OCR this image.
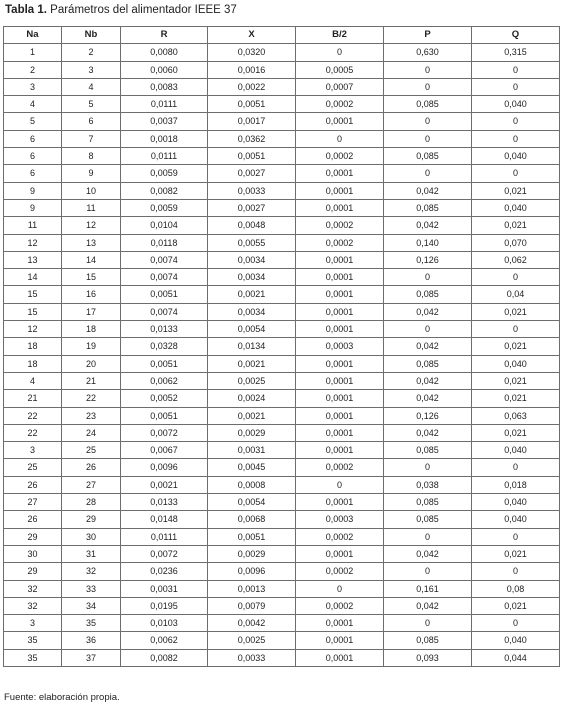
Tabla 1. Parámetros del alimentador IEEE 37
Na	Nb	R	X	B/2	P	Q
1	2	0,0080	0,0320	0	0,630	0,315
2	3	0,0060	0,0016	0,0005	0	0
3	4	0,0083	0,0022	0,0007	0	0
4	5	0,0111	0,0051	0,0002	0,085	0,040
5	6	0,0037	0,0017	0,0001	0	0
6	7	0,0018	0,0362	0	0	0
6	8	0,0111	0,0051	0,0002	0,085	0,040
6	9	0,0059	0,0027	0,0001	0	0
9	10	0,0082	0,0033	0,0001	0,042	0,021
9	11	0,0059	0,0027	0,0001	0,085	0,040
11	12	0,0104	0,0048	0,0002	0,042	0,021
12	13	0,0118	0,0055	0,0002	0,140	0,070
13	14	0,0074	0,0034	0,0001	0,126	0,062
14	15	0,0074	0,0034	0,0001	0	0
15	16	0,0051	0,0021	0,0001	0,085	0,04
15	17	0,0074	0,0034	0,0001	0,042	0,021
12	18	0,0133	0,0054	0,0001	0	0
18	19	0,0328	0,0134	0,0003	0,042	0,021
18	20	0,0051	0,0021	0,0001	0,085	0,040
4	21	0,0062	0,0025	0,0001	0,042	0,021
21	22	0,0052	0,0024	0,0001	0,042	0,021
22	23	0,0051	0,0021	0,0001	0,126	0,063
22	24	0,0072	0,0029	0,0001	0,042	0,021
3	25	0,0067	0,0031	0,0001	0,085	0,040
25	26	0,0096	0,0045	0,0002	0	0
26	27	0,0021	0,0008	0	0,038	0,018
27	28	0,0133	0,0054	0,0001	0,085	0,040
26	29	0,0148	0,0068	0,0003	0,085	0,040
29	30	0,0111	0,0051	0,0002	0	0
30	31	0,0072	0,0029	0,0001	0,042	0,021
29	32	0,0236	0,0096	0,0002	0	0
32	33	0,0031	0,0013	0	0,161	0,08
32	34	0,0195	0,0079	0,0002	0,042	0,021
3	35	0,0103	0,0042	0,0001	0	0
35	36	0,0062	0,0025	0,0001	0,085	0,040
35	37	0,0082	0,0033	0,0001	0,093	0,044
Fuente: elaboración propia.
